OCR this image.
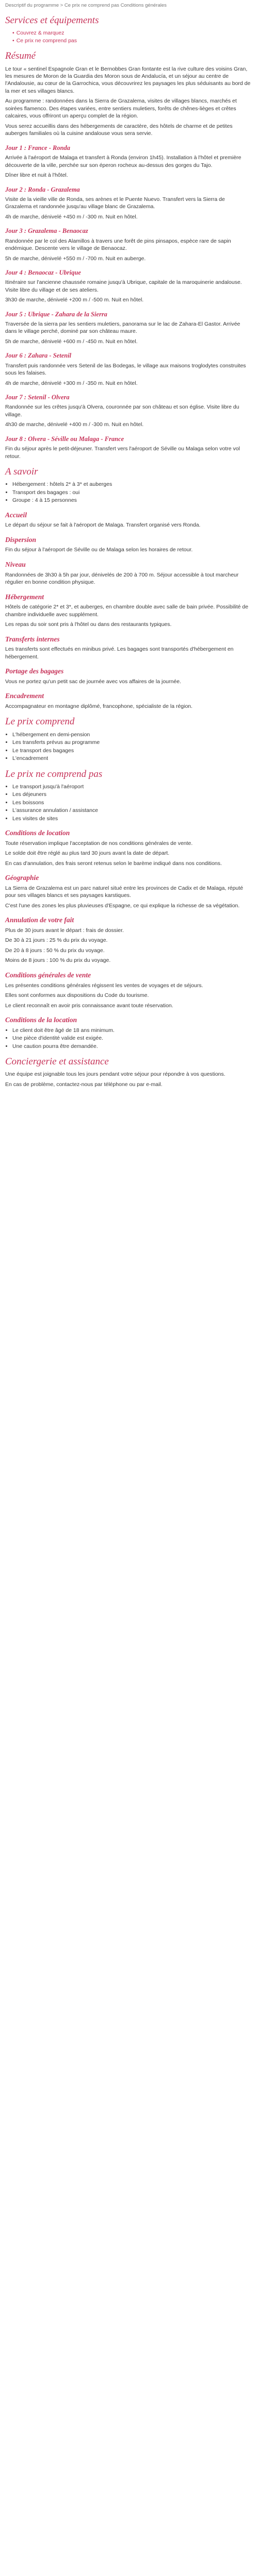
Descriptif du programme > Ce prix ne comprend pas Conditions générales
Services et équipements
• Couvrez & marquez
• Ce prix ne comprend pas
Résumé

Le tour « sentinel Espagnole Gran et le Bernobbes Gran fontante est la rive culture des voisins Gran, les mesures de Moron de la Guardia des Moron sous de Andalucía, et un séjour au centre de l'Andalousie, au cœur de la Garrochica, vous découvrirez les paysages les plus séduisants au bord de la mer et ses villages blancs.

Au programme : randonnées dans la Sierra de Grazalema, visites de villages blancs, marchés et soirées flamenco. Des étapes variées, entre sentiers muletiers, forêts de chênes-lièges et crêtes calcaires, vous offriront un aperçu complet de la région.

Vous serez accueillis dans des hébergements de caractère, des hôtels de charme et de petites auberges familiales où la cuisine andalouse vous sera servie.

Jour 1 : France - Ronda

Arrivée à l'aéroport de Malaga et transfert à Ronda (environ 1h45). Installation à l'hôtel et première découverte de la ville, perchée sur son éperon rocheux au-dessus des gorges du Tajo.

Dîner libre et nuit à l'hôtel.

Jour 2 : Ronda - Grazalema

Visite de la vieille ville de Ronda, ses arènes et le Puente Nuevo. Transfert vers la Sierra de Grazalema et randonnée jusqu'au village blanc de Grazalema.

4h de marche, dénivelé +450 m / -300 m. Nuit en hôtel.

Jour 3 : Grazalema - Benaocaz

Randonnée par le col des Alamillos à travers une forêt de pins pinsapos, espèce rare de sapin endémique. Descente vers le village de Benaocaz.

5h de marche, dénivelé +550 m / -700 m. Nuit en auberge.

Jour 4 : Benaocaz - Ubrique

Itinéraire sur l'ancienne chaussée romaine jusqu'à Ubrique, capitale de la maroquinerie andalouse. Visite libre du village et de ses ateliers.

3h30 de marche, dénivelé +200 m / -500 m. Nuit en hôtel.

Jour 5 : Ubrique - Zahara de la Sierra

Traversée de la sierra par les sentiers muletiers, panorama sur le lac de Zahara-El Gastor. Arrivée dans le village perché, dominé par son château maure.

5h de marche, dénivelé +600 m / -450 m. Nuit en hôtel.

Jour 6 : Zahara - Setenil

Transfert puis randonnée vers Setenil de las Bodegas, le village aux maisons troglodytes construites sous les falaises.

4h de marche, dénivelé +300 m / -350 m. Nuit en hôtel.

Jour 7 : Setenil - Olvera

Randonnée sur les crêtes jusqu'à Olvera, couronnée par son château et son église. Visite libre du village.

4h30 de marche, dénivelé +400 m / -300 m. Nuit en hôtel.

Jour 8 : Olvera - Séville ou Malaga - France

Fin du séjour après le petit-déjeuner. Transfert vers l'aéroport de Séville ou Malaga selon votre vol retour.

A savoir
• Hébergement : hôtels 2* à 3* et auberges
• Transport des bagages : oui
• Groupe : 4 à 15 personnes
Accueil

Le départ du séjour se fait à l'aéroport de Malaga. Transfert organisé vers Ronda.

Dispersion

Fin du séjour à l'aéroport de Séville ou de Malaga selon les horaires de retour.

Niveau

Randonnées de 3h30 à 5h par jour, dénivelés de 200 à 700 m. Séjour accessible à tout marcheur régulier en bonne condition physique.

Hébergement

Hôtels de catégorie 2* et 3*, et auberges, en chambre double avec salle de bain privée. Possibilité de chambre individuelle avec supplément.

Les repas du soir sont pris à l'hôtel ou dans des restaurants typiques.

Transferts internes

Les transferts sont effectués en minibus privé. Les bagages sont transportés d'hébergement en hébergement.

Portage des bagages

Vous ne portez qu'un petit sac de journée avec vos affaires de la journée.

Encadrement

Accompagnateur en montagne diplômé, francophone, spécialiste de la région.

Le prix comprend
• L'hébergement en demi-pension
• Les transferts prévus au programme
• Le transport des bagages
• L'encadrement
Le prix ne comprend pas
• Le transport jusqu'à l'aéroport
• Les déjeuners
• Les boissons
• L'assurance annulation / assistance
• Les visites de sites
Conditions de location

Toute réservation implique l'acceptation de nos conditions générales de vente.

Le solde doit être réglé au plus tard 30 jours avant la date de départ.

En cas d'annulation, des frais seront retenus selon le barème indiqué dans nos conditions.

Géographie

La Sierra de Grazalema est un parc naturel situé entre les provinces de Cadix et de Malaga, réputé pour ses villages blancs et ses paysages karstiques.

C'est l'une des zones les plus pluvieuses d'Espagne, ce qui explique la richesse de sa végétation.

Annulation de votre fait

Plus de 30 jours avant le départ : frais de dossier.

De 30 à 21 jours : 25 % du prix du voyage.

De 20 à 8 jours : 50 % du prix du voyage.

Moins de 8 jours : 100 % du prix du voyage.

Conditions générales de vente

Les présentes conditions générales régissent les ventes de voyages et de séjours.

Elles sont conformes aux dispositions du Code du tourisme.

Le client reconnaît en avoir pris connaissance avant toute réservation.

Conditions de la location
• Le client doit être âgé de 18 ans minimum.
• Une pièce d'identité valide est exigée.
• Une caution pourra être demandée.
Conciergerie et assistance

Une équipe est joignable tous les jours pendant votre séjour pour répondre à vos questions.

En cas de problème, contactez-nous par téléphone ou par e-mail.
